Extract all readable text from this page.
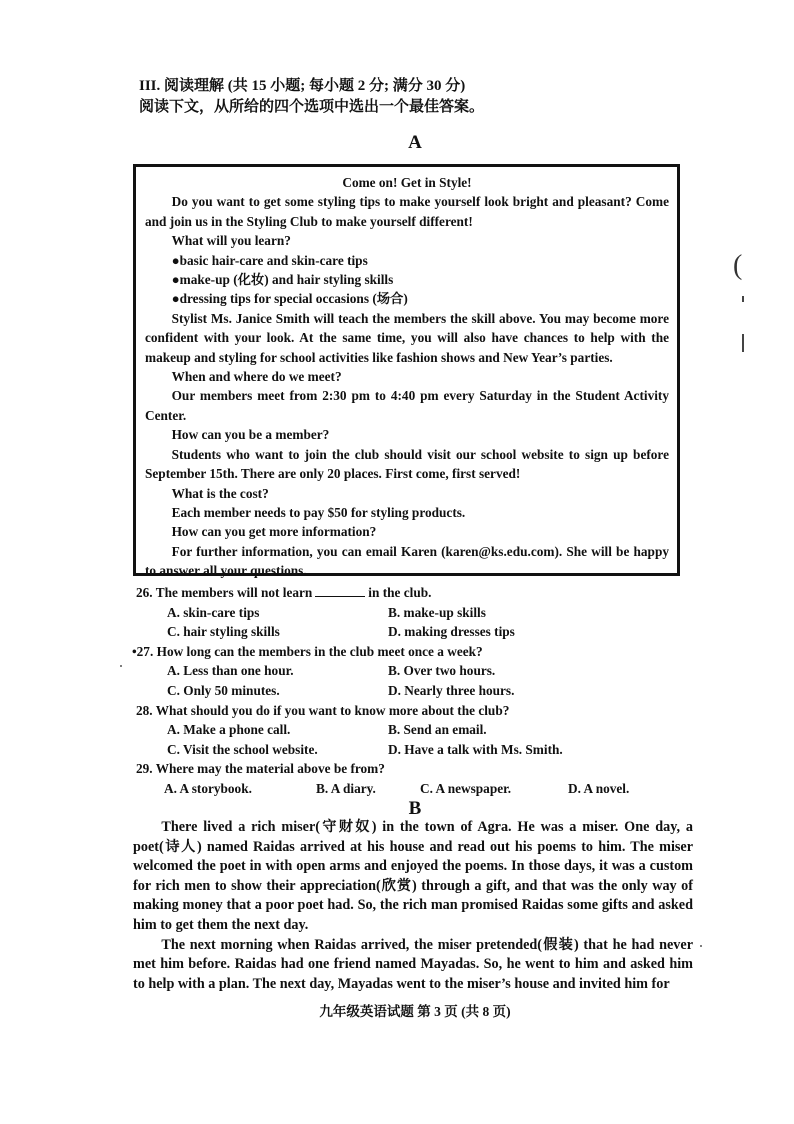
III. 阅读理解 (共 15 小题; 每小题 2 分; 满分 30 分)
阅读下文，从所给的四个选项中选出一个最佳答案。
A

Come on! Get in Style!

Do you want to get some styling tips to make yourself look bright and pleasant? Come and join us in the Styling Club to make yourself different!

What will you learn?

●basic hair-care and skin-care tips

●make-up (化妆) and hair styling skills

●dressing tips for special occasions (场合)

Stylist Ms. Janice Smith will teach the members the skill above. You may become more confident with your look. At the same time, you will also have chances to help with the makeup and styling for school activities like fashion shows and New Year’s parties.

When and where do we meet?

Our members meet from 2:30 pm to 4:40 pm every Saturday in the Student Activity Center.

How can you be a member?

Students who want to join the club should visit our school website to sign up before September 15th. There are only 20 places. First come, first served!

What is the cost?

Each member needs to pay $50 for styling products.

How can you get more information?

For further information, you can email Karen (karen@ks.edu.com). She will be happy to answer all your questions.

26. The members will not learn	in the club.

A. skin-care tips	B. make-up skills
C. hair styling skills	D. making dresses tips

•27. How long can the members in the club meet once a week?

A. Less than one hour.	B. Over two hours.
C. Only 50 minutes.	D. Nearly three hours.

28. What should you do if you want to know more about the club?

A. Make a phone call.	B. Send an email.
C. Visit the school website.	D. Have a talk with Ms. Smith.

29. Where may the material above be from?

A. A storybook.	B. A diary.	C. A newspaper.	D. A novel.
B

There lived a rich miser(守财奴) in the town of Agra. He was a miser. One day, a poet(诗人) named Raidas arrived at his house and read out his poems to him. The miser welcomed the poet in with open arms and enjoyed the poems. In those days, it was a custom for rich men to show their appreciation(欣赏) through a gift, and that was the only way of making money that a poor poet had. So, the rich man promised Raidas some gifts and asked him to get them the next day.

The next morning when Raidas arrived, the miser pretended(假装) that he had never met him before. Raidas had one friend named Mayadas. So, he went to him and asked him to help with a plan. The next day, Mayadas went to the miser’s house and invited him for

九年级英语试题 第 3 页 (共 8 页)
(
